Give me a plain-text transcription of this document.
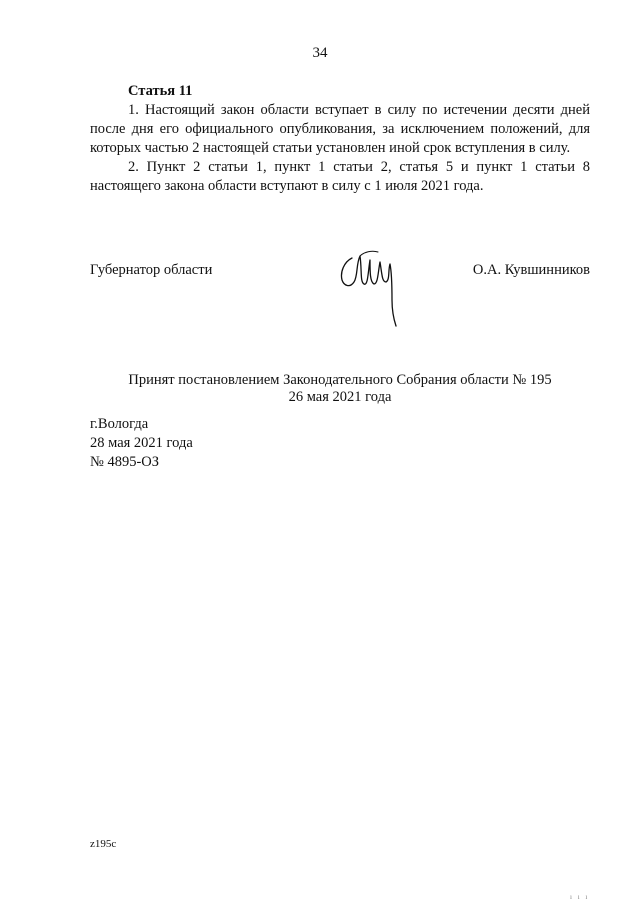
34
Статья 11

1. Настоящий закон области вступает в силу по истечении десяти дней после дня его официального опубликования, за исключением положений, для которых частью 2 настоящей статьи установлен иной срок вступления в силу.

2. Пункт 2 статьи 1, пункт 1 статьи 2, статья 5 и пункт 1 статьи 8 настоящего закона области вступают в силу с 1 июля 2021 года.

Губернатор области	О.А. Кувшинников
Принят постановлением Законодательного Собрания области № 195
26 мая 2021 года
г.Вологда
28 мая 2021 года
№ 4895-ОЗ
z195c
ı ı ı
